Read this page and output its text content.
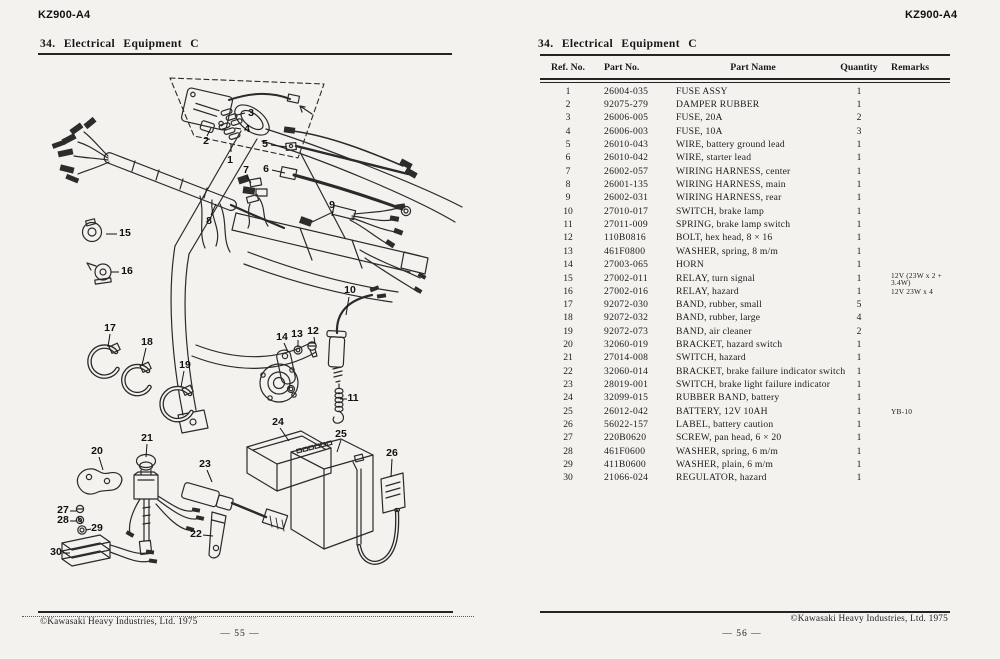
KZ900-A4
34. Electrical Equipment C
1
2
3
4
5
6
7
8
9
10
11
12
13
14
15
16
17
18
19
20
21
22
23
24
25
26
27
28
29
30
©Kawasaki Heavy Industries, Ltd. 1975
— 55 —
KZ900-A4
34. Electrical Equipment C
Ref. No.	Part No.	Part Name	Quantity	Remarks
1	26004-035	FUSE ASSY	1
2	92075-279	DAMPER RUBBER	1
3	26006-005	FUSE, 20A	2
4	26006-003	FUSE, 10A	3
5	26010-043	WIRE, battery ground lead	1
6	26010-042	WIRE, starter lead	1
7	26002-057	WIRING HARNESS, center	1
8	26001-135	WIRING HARNESS, main	1
9	26002-031	WIRING HARNESS, rear	1
10	27010-017	SWITCH, brake lamp	1
11	27011-009	SPRING, brake lamp switch	1
12	110B0816	BOLT, hex head, 8 × 16	1
13	461F0800	WASHER, spring, 8 m/m	1
14	27003-065	HORN	1
15	27002-011	RELAY, turn signal	1	12V (23W x 2 + 3.4W)
16	27002-016	RELAY, hazard	1	12V 23W x 4
17	92072-030	BAND, rubber, small	5
18	92072-032	BAND, rubber, large	4
19	92072-073	BAND, air cleaner	2
20	32060-019	BRACKET, hazard switch	1
21	27014-008	SWITCH, hazard	1
22	32060-014	BRACKET, brake failure indicator switch	1
23	28019-001	SWITCH, brake light failure indicator	1
24	32099-015	RUBBER BAND, battery	1
25	26012-042	BATTERY, 12V 10AH	1	YB-10
26	56022-157	LABEL, battery caution	1
27	220B0620	SCREW, pan head, 6 × 20	1
28	461F0600	WASHER, spring, 6 m/m	1
29	411B0600	WASHER, plain, 6 m/m	1
30	21066-024	REGULATOR, hazard	1
©Kawasaki Heavy Industries, Ltd. 1975
— 56 —
